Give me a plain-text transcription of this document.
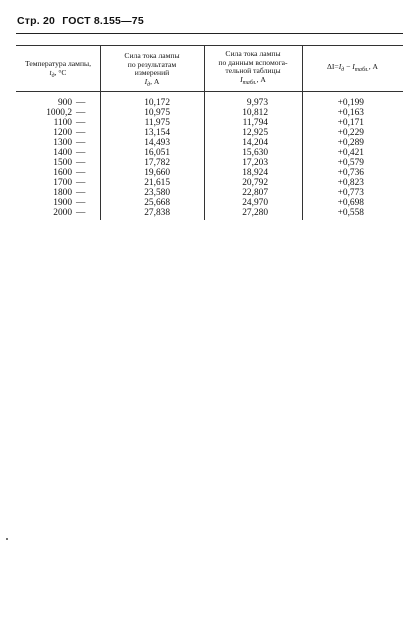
Стр. 20 ГОСТ 8.155—75
Температура лампы,
$t_д$, °С
Сила тока лампы
по результатам
измерений
$I_д$, А
Сила тока лампы
по данным вспомога-
тельной таблицы
$I_{табл.}$, А
$\Delta I=I_д - I_{табл.}$, А
900
1000,2
1100
1200
1300
1400
1500
1600
1700
1800
1900
2000
—
—
—
—
—
—
—
—
—
—
—
—
10,172
10,975
11,975
13,154
14,493
16,051
17,782
19,660
21,615
23,580
25,668
27,838
9,973
10,812
11,794
12,925
14,204
15,630
17,203
18,924
20,792
22,807
24,970
27,280
+0,199
+0,163
+0,171
+0,229
+0,289
+0,421
+0,579
+0,736
+0,823
+0,773
+0,698
+0,558
